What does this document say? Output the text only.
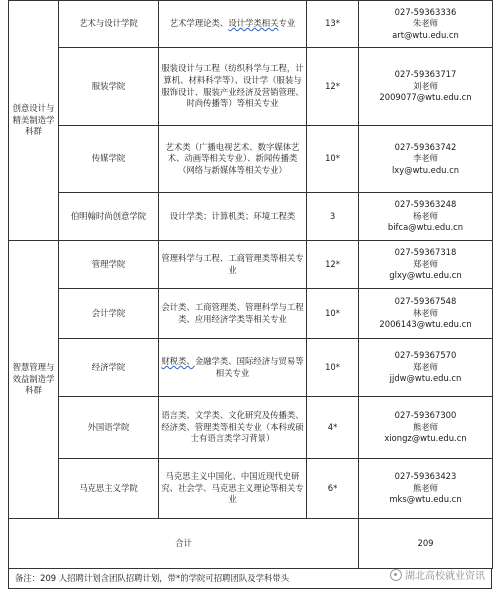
创意设计与精美制造学科群	艺术与设计学院	艺术学理论类、设计学类相关专业	13*	027-59363336
朱老师
art@wtu.edu.cn

	服装学院	服装设计与工程（纺织科学与工程，计算机、材料科学等）、设计学（服装与服饰设计、服装产业经济及营销管理、时尚传播等）等相关专业	12*	027-59363717
刘老师
2009077@wtu.edu.cn

	传媒学院	艺术类（广播电视艺术、数字媒体艺术、动画等相关专业）、新闻传播类（网络与新媒体等相关专业）	10*	027-59363742
李老师
lxy@wtu.edu.cn

	伯明翰时尚创意学院	设计学类；计算机类；环境工程类	3	027-59363248
杨老师
bifca@wtu.edu.cn

智慧管理与效益制造学科群	管理学院	管理科学与工程、工商管理类等相关专业	12*	027-59367318
郑老师
glxy@wtu.edu.cn

	会计学院	会计类、工商管理类、管理科学与工程类、应用经济学类等相关专业	10*	027-59367548
林老师
2006143@wtu.edu.cn

	经济学院	财税类、金融学类、国际经济与贸易等相关专业	10*	027-59367570
郑老师
jjdw@wtu.edu.cn

	外国语学院	语言类、文学类、文化研究及传播类、经济类、管理类等相关专业（本科或硕士有语言类学习背景）	4*	027-59367300
熊老师
xiongz@wtu.edu.cn

	马克思主义学院	马克思主义中国化、中国近现代史研究、社会学、马克思主义理论等相关专业	6*	027-59363423
熊老师
mks@wtu.edu.cn

合计				209
备注：209 人招聘计划含团队招聘计划，带*的学院可招聘团队及学科带头	湖北高校就业资讯
